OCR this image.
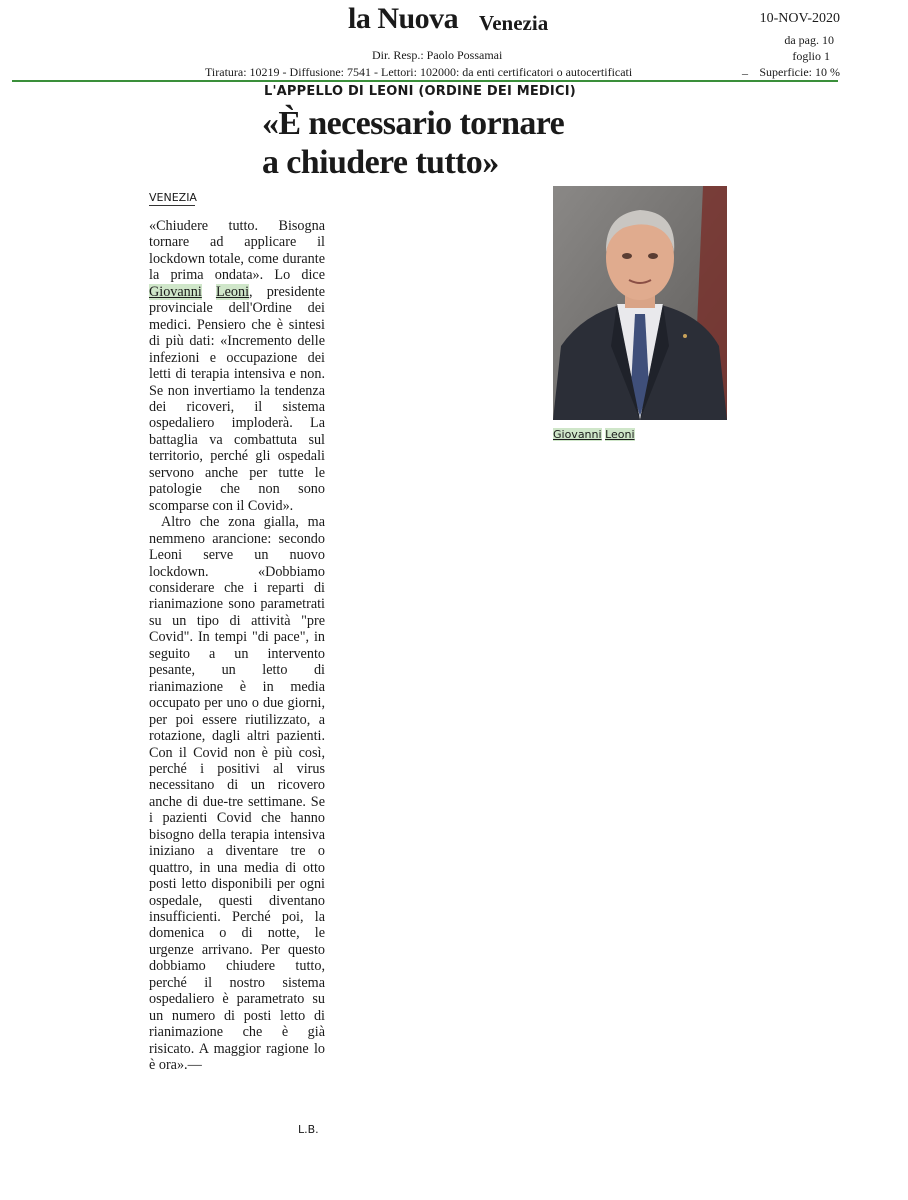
la Nuova Venezia	10-NOV-2020
da pag. 10
foglio 1
Dir. Resp.: Paolo Possamai
Tiratura: 10219 - Diffusione: 7541 - Lettori: 102000: da enti certificatori o autocertificati	_ Superficie: 10 %
L'APPELLO DI LEONI (ORDINE DEI MEDICI)
«È necessario tornare
a chiudere tutto»
VENEZIA

«Chiudere tutto. Bisogna tornare ad applicare il lockdown totale, come durante la prima ondata». Lo dice Giovanni Leoni, presidente provinciale dell'Ordine dei medici. Pensiero che è sintesi di più dati: «Incremento delle infezioni e occupazione dei letti di terapia intensiva e non. Se non invertiamo la tendenza dei ricoveri, il sistema ospedaliero imploderà. La battaglia va combattuta sul territorio, perché gli ospedali servono anche per tutte le patologie che non sono scomparse con il Covid».

Altro che zona gialla, ma nemmeno arancione: secondo Leoni serve un nuovo lockdown. «Dobbiamo considerare che i reparti di rianimazione sono parametrati su un tipo di attività "pre Covid". In tempi "di pace", in seguito a un intervento pesante, un letto di rianimazione è in media occupato per uno o due giorni, per poi essere riutilizzato, a rotazione, dagli altri pazienti. Con il Covid non è più così, perché i positivi al virus necessitano di un ricovero anche di due-tre settimane. Se i pazienti Covid che hanno bisogno della terapia intensiva iniziano a diventare tre o quattro, in una media di otto posti letto disponibili per ogni ospedale, questi diventano insufficienti. Perché poi, la domenica o di notte, le urgenze arrivano. Per questo dobbiamo chiudere tutto, perché il nostro sistema ospedaliero è parametrato su un numero di posti letto di rianimazione che è già risicato. A maggior ragione lo è ora».—

L.B.
Giovanni Leoni
